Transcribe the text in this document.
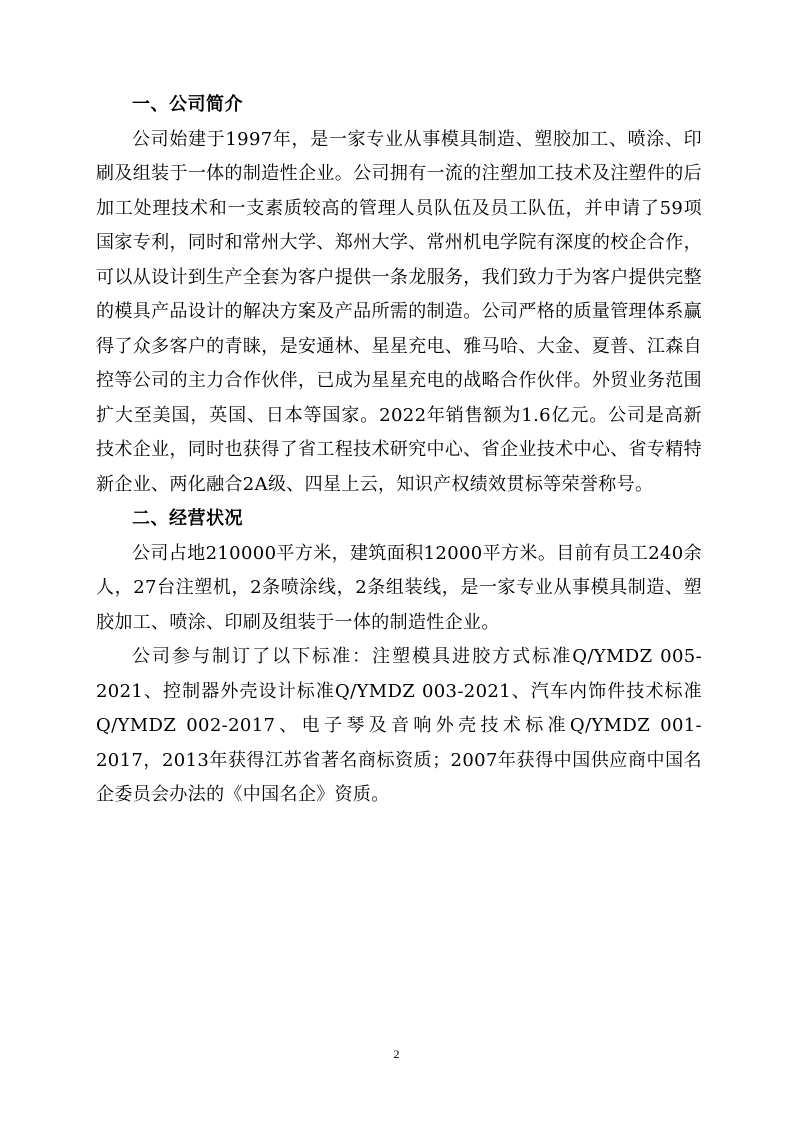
一、公司简介

公司始建于1997年，是一家专业从事模具制造、塑胶加工、喷涂、印刷及组装于一体的制造性企业。公司拥有一流的注塑加工技术及注塑件的后加工处理技术和一支素质较高的管理人员队伍及员工队伍，并申请了59项国家专利，同时和常州大学、郑州大学、常州机电学院有深度的校企合作，可以从设计到生产全套为客户提供一条龙服务，我们致力于为客户提供完整的模具产品设计的解决方案及产品所需的制造。公司严格的质量管理体系赢得了众多客户的青睐，是安通林、星星充电、雅马哈、大金、夏普、江森自控等公司的主力合作伙伴，已成为星星充电的战略合作伙伴。外贸业务范围扩大至美国，英国、日本等国家。2022年销售额为1.6亿元。公司是高新技术企业，同时也获得了省工程技术研究中心、省企业技术中心、省专精特新企业、两化融合2A级、四星上云，知识产权绩效贯标等荣誉称号。

二、经营状况

公司占地210000平方米，建筑面积12000平方米。目前有员工240余人，27台注塑机，2条喷涂线，2条组装线，是一家专业从事模具制造、塑胶加工、喷涂、印刷及组装于一体的制造性企业。

公司参与制订了以下标准：注塑模具进胶方式标准Q/YMDZ 005-2021、控制器外壳设计标准Q/YMDZ 003-2021、汽车内饰件技术标准Q/YMDZ 002-2017、电子琴及音响外壳技术标准Q/YMDZ 001-2017，2013年获得江苏省著名商标资质；2007年获得中国供应商中国名企委员会办法的《中国名企》资质。

2
